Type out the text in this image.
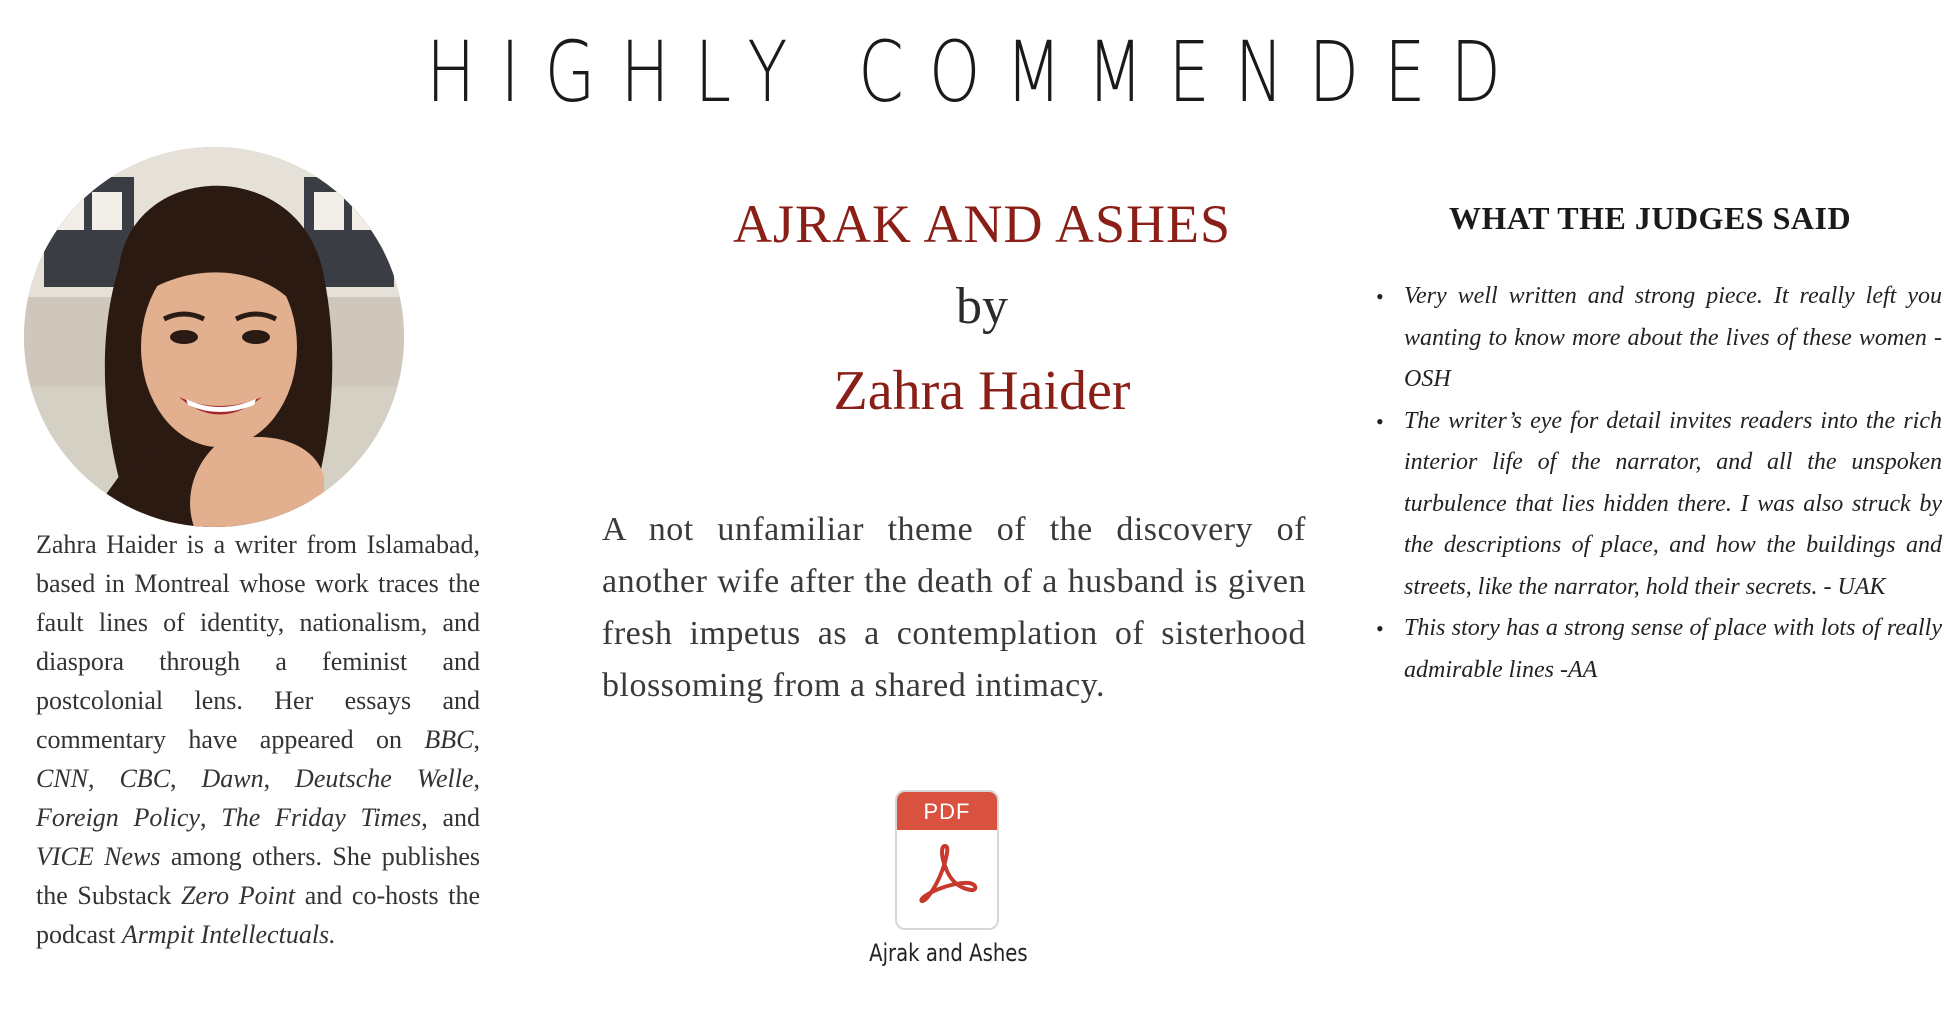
HIGHLY COMMENDED
Zahra Haider is a writer from Islamabad, based in Montreal whose work traces the fault lines of identity, nationalism, and diaspora through a feminist and postcolonial lens. Her essays and commentary have appeared on BBC, CNN, CBC, Dawn, Deutsche Welle, Foreign Policy, The Friday Times, and VICE News among others. She publishes the Substack Zero Point and co-hosts the podcast Armpit Intellectuals.
AJRAK AND ASHES
by
Zahra Haider
A not unfamiliar theme of the discovery of another wife after the death of a husband is given fresh impetus as a contemplation of sisterhood blossoming from a shared intimacy.
PDF
Ajrak and Ashes
WHAT THE JUDGES SAID
• Very well written and strong piece. It really left you wanting to know more about the lives of these women - OSH
• The writer’s eye for detail invites readers into the rich interior life of the narrator, and all the unspoken turbulence that lies hidden there. I was also struck by the descriptions of place, and how the buildings and streets, like the narrator, hold their secrets. - UAK
• This story has a strong sense of place with lots of really admirable lines -AA
